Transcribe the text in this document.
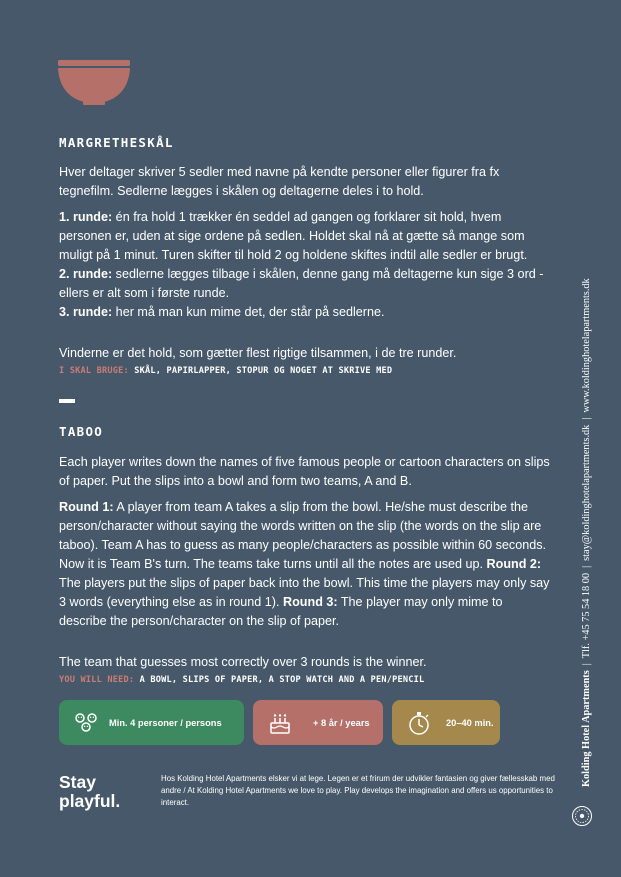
MARGRETHESKÅL

Hver deltager skriver 5 sedler med navne på kendte personer eller figurer fra fx tegnefilm. Sedlerne lægges i skålen og deltagerne deles i to hold.

1. runde: én fra hold 1 trækker én seddel ad gangen og forklarer sit hold, hvem personen er, uden at sige ordene på sedlen. Holdet skal nå at gætte så mange som muligt på 1 minut. Turen skifter til hold 2 og holdene skiftes indtil alle sedler er brugt.
2. runde: sedlerne lægges tilbage i skålen, denne gang må deltagerne kun sige 3 ord - ellers er alt som i første runde.
3. runde: her må man kun mime det, der står på sedlerne.

Vinderne er det hold, som gætter flest rigtige tilsammen, i de tre runder.

I SKAL BRUGE: SKÅL, PAPIRLAPPER, STOPUR OG NOGET AT SKRIVE MED

TABOO

Each player writes down the names of five famous people or cartoon characters on slips of paper. Put the slips into a bowl and form two teams, A and B.

Round 1: A player from team A takes a slip from the bowl. He/she must describe the person/character without saying the words written on the slip (the words on the slip are taboo). Team A has to guess as many people/characters as possible within 60 seconds. Now it is Team B's turn. The teams take turns until all the notes are used up. Round 2: The players put the slips of paper back into the bowl. This time the players may only say 3 words (everything else as in round 1). Round 3: The player may only mime to describe the person/character on the slip of paper.

The team that guesses most correctly over 3 rounds is the winner.

YOU WILL NEED: A BOWL, SLIPS OF PAPER, A STOP WATCH AND A PEN/PENCIL

Min. 4 personer / persons	+ 8 år / years	20–40 min.

Stay
playful.

Hos Kolding Hotel Apartments elsker vi at lege. Legen er et frirum der udvikler fantasien og giver fællesskab med andre / At Kolding Hotel Apartments we love to play. Play develops the imagination and offers us opportunities to interact.

Kolding Hotel Apartments|Tlf. +45 75 54 18 00|stay@koldinghotelapartments.dk|www.koldinghotelapartments.dk
